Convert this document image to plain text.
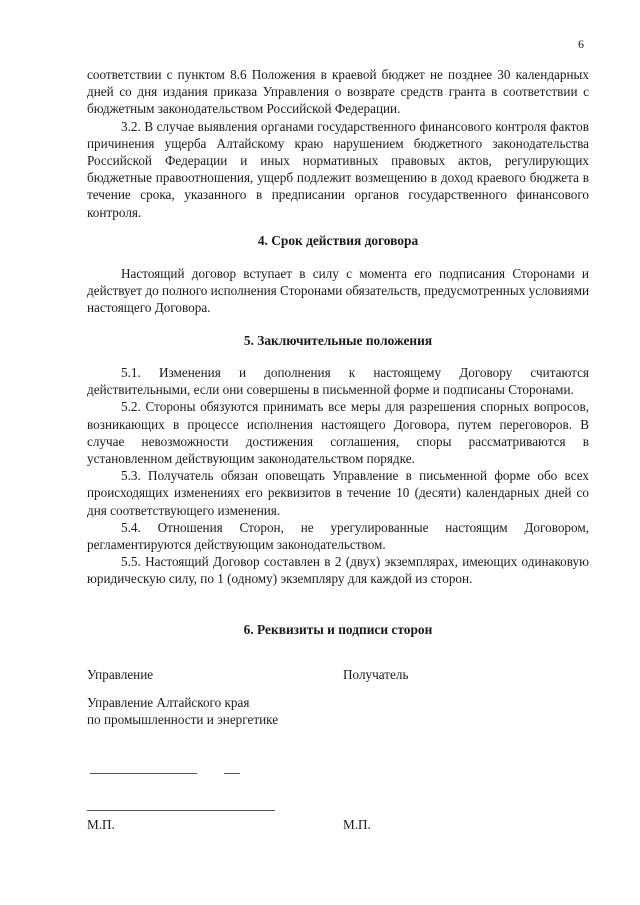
6

соответствии с пунктом 8.6 Положения в краевой бюджет не позднее 30 календарных дней со дня издания приказа Управления о возврате средств гранта в соответствии с бюджетным законодательством Российской Федерации.

3.2. В случае выявления органами государственного финансового контроля фактов причинения ущерба Алтайскому краю нарушением бюджетного законодательства Российской Федерации и иных нормативных правовых актов, регулирующих бюджетные правоотношения, ущерб подлежит возмещению в доход краевого бюджета в течение срока, указанного в предписании органов государственного финансового контроля.

4. Срок действия договора

Настоящий договор вступает в силу с момента его подписания Сторонами и действует до полного исполнения Сторонами обязательств, предусмотренных условиями настоящего Договора.

5. Заключительные положения

5.1. Изменения и дополнения к настоящему Договору считаются действительными, если они совершены в письменной форме и подписаны Сторонами.

5.2. Стороны обязуются принимать все меры для разрешения спорных вопросов, возникающих в процессе исполнения настоящего Договора, путем переговоров. В случае невозможности достижения соглашения, споры рассматриваются в установленном действующим законодательством порядке.

5.3. Получатель обязан оповещать Управление в письменной форме обо всех происходящих изменениях его реквизитов в течение 10 (десяти) календарных дней со дня соответствующего изменения.

5.4. Отношения Сторон, не урегулированные настоящим Договором, регламентируются действующим законодательством.

5.5. Настоящий Договор составлен в 2 (двух) экземплярах, имеющих одинаковую юридическую силу, по 1 (одному) экземпляру для каждой из сторон.

6. Реквизиты и подписи сторон
Управление	Получатель
Управление Алтайского края
по промышленности и энергетике
М.П.	М.П.
